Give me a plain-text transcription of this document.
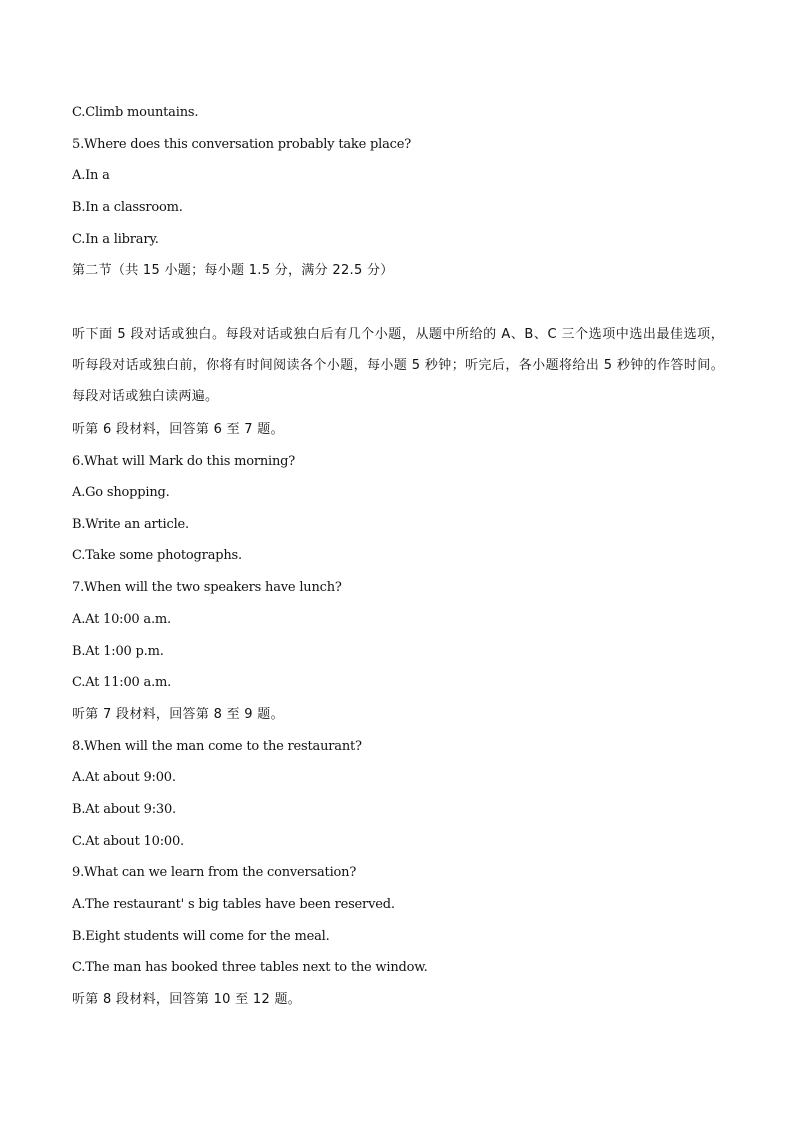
C.Climb mountains.
5.Where does this conversation probably take place?
A.In a
B.In a classroom.
C.In a library.
第二节（共 15 小题；每小题 1.5 分，满分 22.5 分）
听下面 5 段对话或独白。每段对话或独白后有几个小题，从题中所给的 A、B、C 三个选项中选出最佳选项，听每段对话或独白前，你将有时间阅读各个小题，每小题 5 秒钟；听完后，各小题将给出 5 秒钟的作答时间。每段对话或独白读两遍。
听第 6 段材料，回答第 6 至 7 题。
6.What will Mark do this morning?
A.Go shopping.
B.Write an article.
C.Take some photographs.
7.When will the two speakers have lunch?
A.At 10:00 a.m.
B.At 1:00 p.m.
C.At 11:00 a.m.
听第 7 段材料，回答第 8 至 9 题。
8.When will the man come to the restaurant?
A.At about 9:00.
B.At about 9:30.
C.At about 10:00.
9.What can we learn from the conversation?
A.The restaurant' s big tables have been reserved.
B.Eight students will come for the meal.
C.The man has booked three tables next to the window.
听第 8 段材料，回答第 10 至 12 题。
